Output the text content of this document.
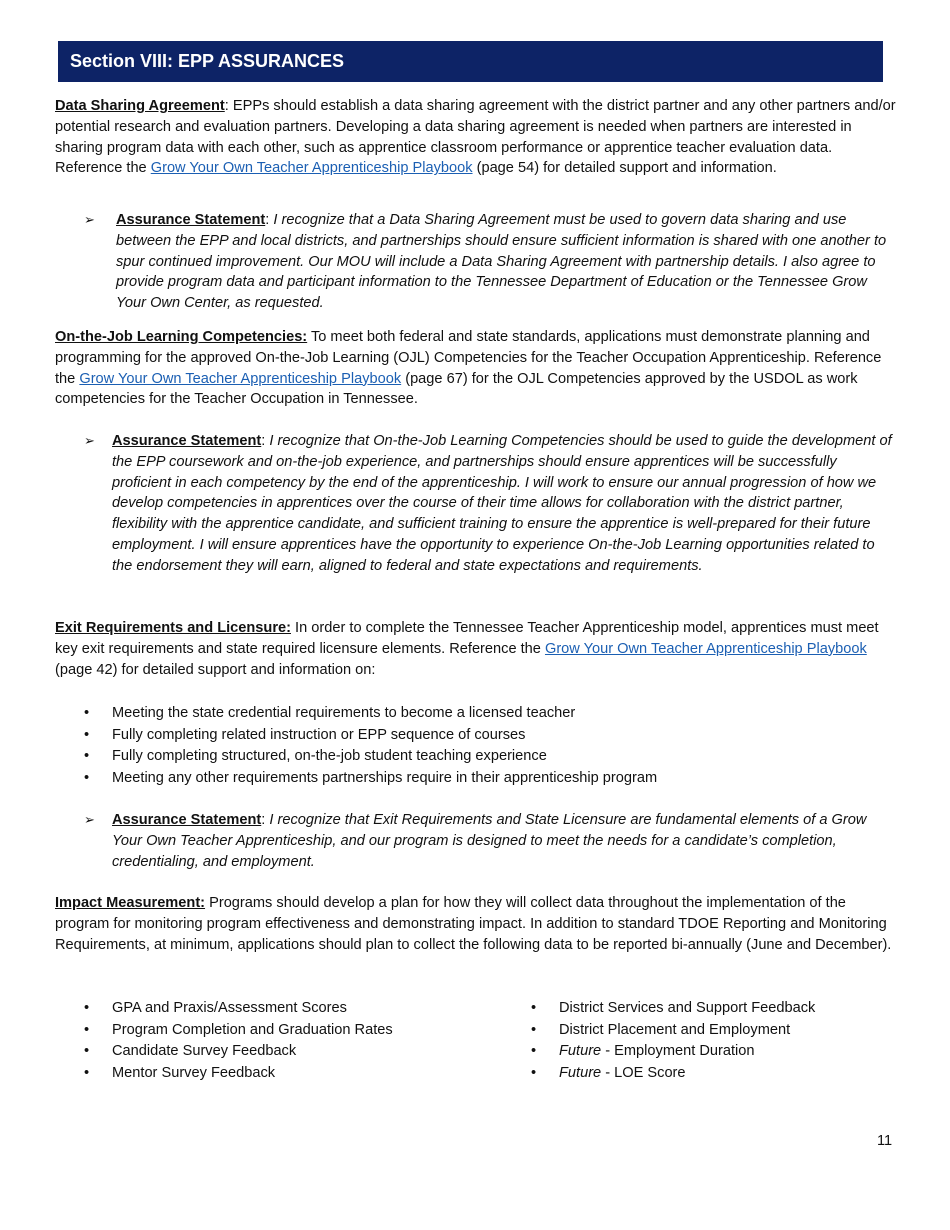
Section VIII: EPP ASSURANCES

Data Sharing Agreement: EPPs should establish a data sharing agreement with the district partner and any other partners and/or potential research and evaluation partners. Developing a data sharing agreement is needed when partners are interested in sharing program data with each other, such as apprentice classroom performance or apprentice teacher evaluation data. Reference the Grow Your Own Teacher Apprenticeship Playbook (page 54) for detailed support and information.

➢ Assurance Statement: I recognize that a Data Sharing Agreement must be used to govern data sharing and use between the EPP and local districts, and partnerships should ensure sufficient information is shared with one another to spur continued improvement. Our MOU will include a Data Sharing Agreement with partnership details. I also agree to provide program data and participant information to the Tennessee Department of Education or the Tennessee Grow Your Own Center, as requested.

On-the-Job Learning Competencies: To meet both federal and state standards, applications must demonstrate planning and programming for the approved On-the-Job Learning (OJL) Competencies for the Teacher Occupation Apprenticeship. Reference the Grow Your Own Teacher Apprenticeship Playbook (page 67) for the OJL Competencies approved by the USDOL as work competencies for the Teacher Occupation in Tennessee.

➢ Assurance Statement: I recognize that On-the-Job Learning Competencies should be used to guide the development of the EPP coursework and on-the-job experience, and partnerships should ensure apprentices will be successfully proficient in each competency by the end of the apprenticeship. I will work to ensure our annual progression of how we develop competencies in apprentices over the course of their time allows for collaboration with the district partner, flexibility with the apprentice candidate, and sufficient training to ensure the apprentice is well-prepared for their future employment. I will ensure apprentices have the opportunity to experience On-the-Job Learning opportunities related to the endorsement they will earn, aligned to federal and state expectations and requirements.

Exit Requirements and Licensure: In order to complete the Tennessee Teacher Apprenticeship model, apprentices must meet key exit requirements and state required licensure elements. Reference the Grow Your Own Teacher Apprenticeship Playbook (page 42) for detailed support and information on:

• Meeting the state credential requirements to become a licensed teacher
• Fully completing related instruction or EPP sequence of courses
• Fully completing structured, on-the-job student teaching experience
• Meeting any other requirements partnerships require in their apprenticeship program
➢ Assurance Statement: I recognize that Exit Requirements and State Licensure are fundamental elements of a Grow Your Own Teacher Apprenticeship, and our program is designed to meet the needs for a candidate’s completion, credentialing, and employment.

Impact Measurement: Programs should develop a plan for how they will collect data throughout the implementation of the program for monitoring program effectiveness and demonstrating impact. In addition to standard TDOE Reporting and Monitoring Requirements, at minimum, applications should plan to collect the following data to be reported bi-annually (June and December).

• GPA and Praxis/Assessment Scores
• Program Completion and Graduation Rates
• Candidate Survey Feedback
• Mentor Survey Feedback
• District Services and Support Feedback
• District Placement and Employment
• Future - Employment Duration
• Future - LOE Score
11
